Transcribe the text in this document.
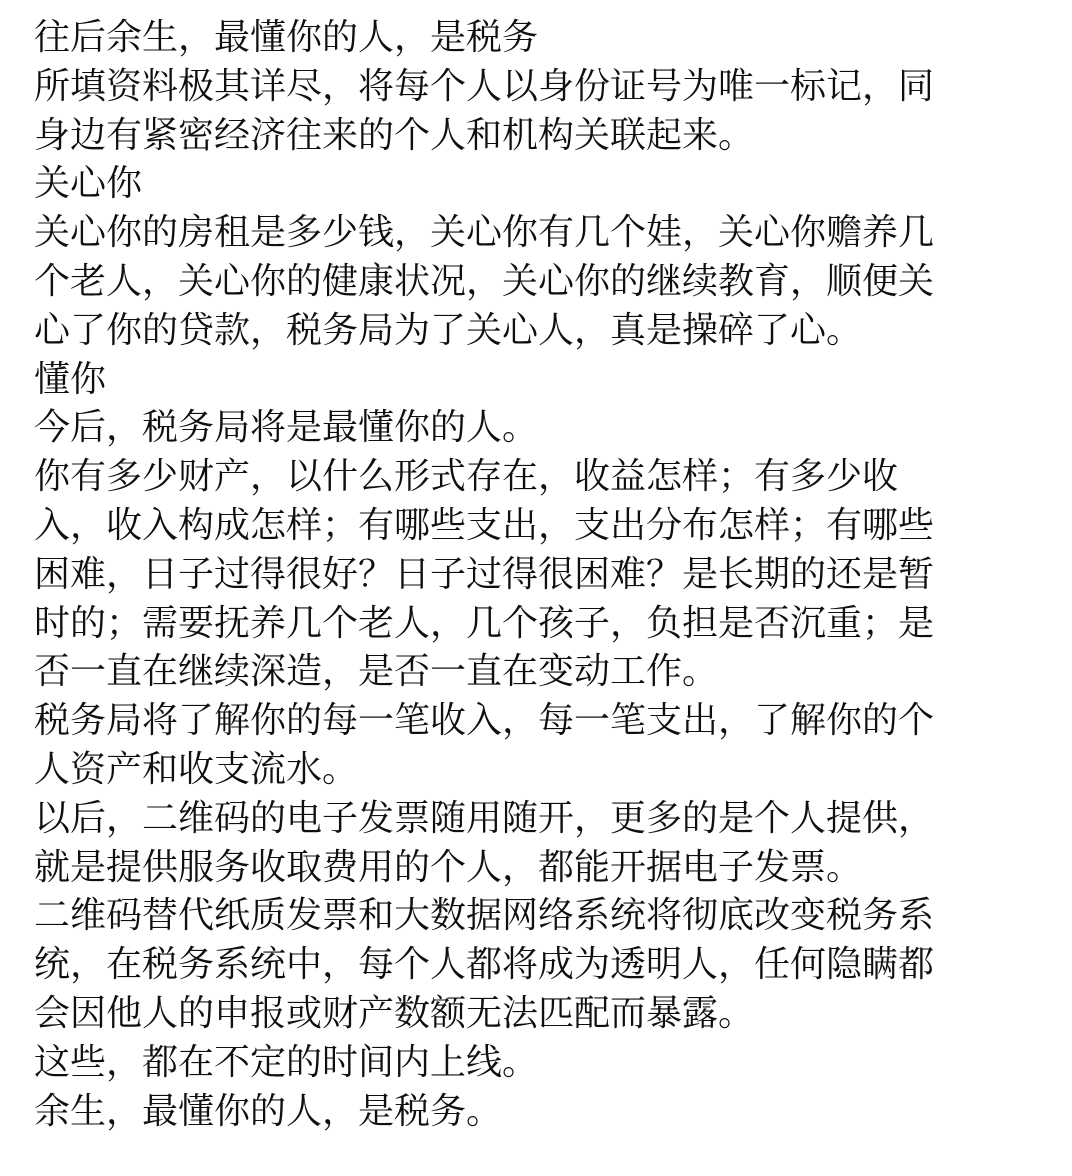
往后余生，最懂你的人，是税务
所填资料极其详尽，将每个人以身份证号为唯一标记，同
身边有紧密经济往来的个人和机构关联起来。
关心你
关心你的房租是多少钱，关心你有几个娃，关心你赡养几
个老人，关心你的健康状况，关心你的继续教育，顺便关
心了你的贷款，税务局为了关心人，真是操碎了心。
懂你
今后，税务局将是最懂你的人。
你有多少财产，以什么形式存在，收益怎样；有多少收
入，收入构成怎样；有哪些支出，支出分布怎样；有哪些
困难，日子过得很好？日子过得很困难？是长期的还是暂
时的；需要抚养几个老人，几个孩子，负担是否沉重；是
否一直在继续深造，是否一直在变动工作。
税务局将了解你的每一笔收入，每一笔支出，了解你的个
人资产和收支流水。
以后，二维码的电子发票随用随开，更多的是个人提供，
就是提供服务收取费用的个人，都能开据电子发票。
二维码替代纸质发票和大数据网络系统将彻底改变税务系
统，在税务系统中，每个人都将成为透明人，任何隐瞒都
会因他人的申报或财产数额无法匹配而暴露。
这些，都在不定的时间内上线。
余生，最懂你的人，是税务。
